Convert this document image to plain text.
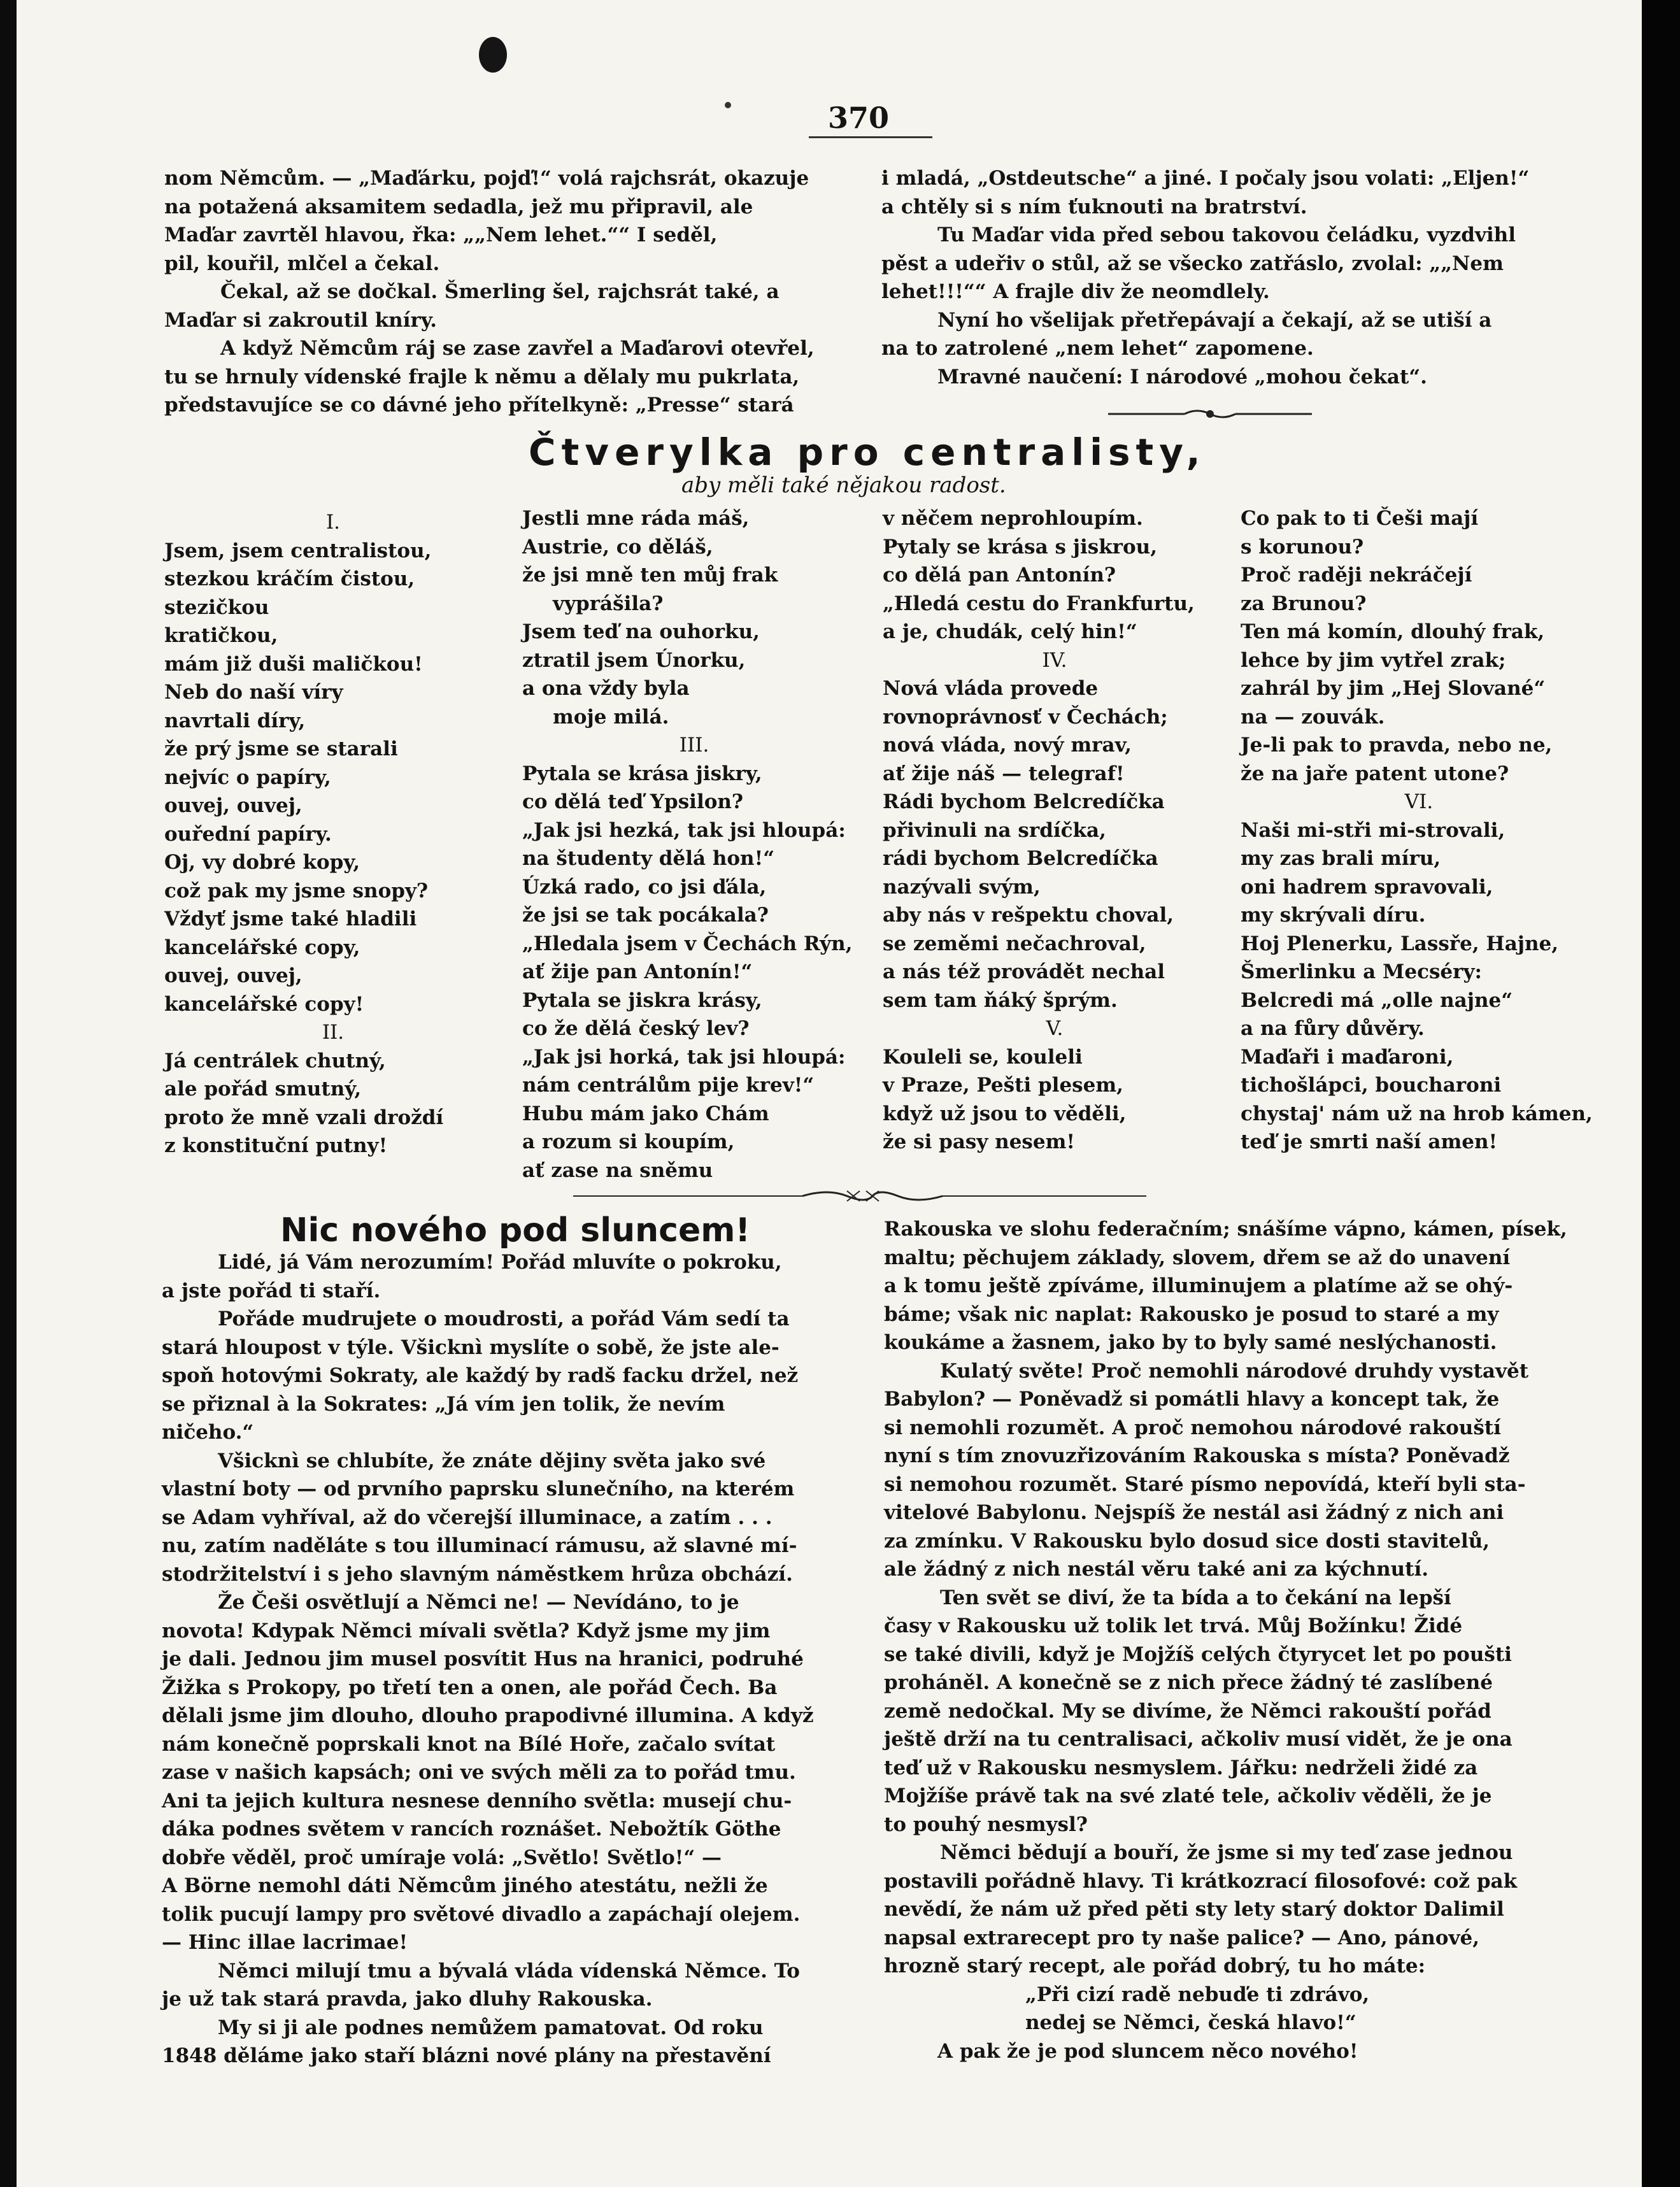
370
nom Němcům. — „Maďárku, pojď!“ volá rajchsrát, okazuje
na potažená aksamitem sedadla, jež mu připravil, ale
Maďar zavrtěl hlavou, řka: „„Nem lehet.““ I seděl,
pil, kouřil, mlčel a čekal.
Čekal, až se dočkal. Šmerling šel, rajchsrát také, a
Maďar si zakroutil kníry.
A když Němcům ráj se zase zavřel a Maďarovi otevřel,
tu se hrnuly vídenské frajle k němu a dělaly mu pukrlata,
představujíce se co dávné jeho přítelkyně: „Presse“ stará
i mladá, „Ostdeutsche“ a jiné. I počaly jsou volati: „Eljen!“
a chtěly si s ním ťuknouti na bratrství.
Tu Maďar vida před sebou takovou čeládku, vyzdvihl
pěst a udeřiv o stůl, až se všecko zatřáslo, zvolal: „„Nem
lehet!!!““ A frajle div že neomdlely.
Nyní ho všelijak přetřepávají a čekají, až se utiší a
na to zatrolené „nem lehet“ zapomene.
Mravné naučení: I národové „mohou čekat“.
Čtverylka pro centralisty,
aby měli také nějakou radost.
I.
Jsem, jsem centralistou,
stezkou kráčím čistou,
stezičkou
kratičkou,
mám již duši maličkou!
Neb do naší víry
navrtali díry,
že prý jsme se starali
nejvíc o papíry,
ouvej, ouvej,
ouřední papíry.
Oj, vy dobré kopy,
což pak my jsme snopy?
Vždyť jsme také hladili
kancelářské copy,
ouvej, ouvej,
kancelářské copy!
II.
Já centrálek chutný,
ale pořád smutný,
proto že mně vzali droždí
z konstituční putny!
Jestli mne ráda máš,
Austrie, co děláš,
že jsi mně ten můj frak
vyprášila?
Jsem teď na ouhorku,
ztratil jsem Únorku,
a ona vždy byla
moje milá.
III.
Pytala se krása jiskry,
co dělá teď Ypsilon?
„Jak jsi hezká, tak jsi hloupá:
na študenty dělá hon!“
Úzká rado, co jsi ďála,
že jsi se tak pocákala?
„Hledala jsem v Čechách Rýn,
ať žije pan Antonín!“
Pytala se jiskra krásy,
co že dělá český lev?
„Jak jsi horká, tak jsi hloupá:
nám centrálům pije krev!“
Hubu mám jako Chám
a rozum si koupím,
ať zase na sněmu
v něčem neprohloupím.
Pytaly se krása s jiskrou,
co dělá pan Antonín?
„Hledá cestu do Frankfurtu,
a je, chudák, celý hin!“
IV.
Nová vláda provede
rovnoprávnosť v Čechách;
nová vláda, nový mrav,
ať žije náš — telegraf!
Rádi bychom Belcredíčka
přivinuli na srdíčka,
rádi bychom Belcredíčka
nazývali svým,
aby nás v rešpektu choval,
se zeměmi nečachroval,
a nás též provádět nechal
sem tam ňáký šprým.
V.
Kouleli se, kouleli
v Praze, Pešti plesem,
když už jsou to věděli,
že si pasy nesem!
Co pak to ti Češi mají
s korunou?
Proč raději nekráčejí
za Brunou?
Ten má komín, dlouhý frak,
lehce by jim vytřel zrak;
zahrál by jim „Hej Slované“
na — zouvák.
Je-li pak to pravda, nebo ne,
že na jaře patent utone?
VI.
Naši mi-stři mi-strovali,
my zas brali míru,
oni hadrem spravovali,
my skrývali díru.
Hoj Plenerku, Lassře, Hajne,
Šmerlinku a Mecséry:
Belcredi má „olle najne“
a na fůry důvěry.
Maďaři i maďaroni,
tichošlápci, boucharoni
chystaj' nám už na hrob kámen,
teď je smrti naší amen!
Nic nového pod sluncem!
Lidé, já Vám nerozumím! Pořád mluvíte o pokroku,
a jste pořád ti staří.
Pořáde mudrujete o moudrosti, a pořád Vám sedí ta
stará hloupost v týle. Všicknì myslíte o sobě, že jste ale-
spoň hotovými Sokraty, ale každý by radš facku držel, než
se přiznal à la Sokrates: „Já vím jen tolik, že nevím
ničeho.“
Všicknì se chlubíte, že znáte dějiny světa jako své
vlastní boty — od prvního paprsku slunečního, na kterém
se Adam vyhříval, až do včerejší illuminace, a zatím . . .
nu, zatím naděláte s tou illuminací rámusu, až slavné mí-
stodržitelství i s jeho slavným náměstkem hrůza obchází.
Že Češi osvětlují a Němci ne! — Nevídáno, to je
novota! Kdypak Němci mívali světla? Když jsme my jim
je dali. Jednou jim musel posvítit Hus na hranici, podruhé
Žižka s Prokopy, po třetí ten a onen, ale pořád Čech. Ba
dělali jsme jim dlouho, dlouho prapodivné illumina. A když
nám konečně poprskali knot na Bílé Hoře, začalo svítat
zase v našich kapsách; oni ve svých měli za to pořád tmu.
Ani ta jejich kultura nesnese denního světla: musejí chu-
dáka podnes světem v rancích roznášet. Nebožtík Göthe
dobře věděl, proč umíraje volá: „Světlo! Světlo!“ —
A Börne nemohl dáti Němcům jiného atestátu, nežli že
tolik pucují lampy pro světové divadlo a zapáchají olejem.
— Hinc illae lacrimae!
Němci milují tmu a bývalá vláda vídenská Němce. To
je už tak stará pravda, jako dluhy Rakouska.
My si ji ale podnes nemůžem pamatovat. Od roku
1848 děláme jako staří blázni nové plány na přestavění
Rakouska ve slohu federačním; snášíme vápno, kámen, písek,
maltu; pěchujem základy, slovem, dřem se až do unavení
a k tomu ještě zpíváme, illuminujem a platíme až se ohý-
báme; však nic naplat: Rakousko je posud to staré a my
koukáme a žasnem, jako by to byly samé neslýchanosti.
Kulatý světe! Proč nemohli národové druhdy vystavět
Babylon? — Poněvadž si pomátli hlavy a koncept tak, že
si nemohli rozumět. A proč nemohou národové rakouští
nyní s tím znovuzřizováním Rakouska s místa? Poněvadž
si nemohou rozumět. Staré písmo nepovídá, kteří byli sta-
vitelové Babylonu. Nejspíš že nestál asi žádný z nich ani
za zmínku. V Rakousku bylo dosud sice dosti stavitelů,
ale žádný z nich nestál věru také ani za kýchnutí.
Ten svět se diví, že ta bída a to čekání na lepší
časy v Rakousku už tolik let trvá. Můj Božínku! Židé
se také divili, když je Mojžíš celých čtyrycet let po poušti
proháněl. A konečně se z nich přece žádný té zaslíbené
země nedočkal. My se divíme, že Němci rakouští pořád
ještě drží na tu centralisaci, ačkoliv musí vidět, že je ona
teď už v Rakousku nesmyslem. Jářku: nedrželi židé za
Mojžíše právě tak na své zlaté tele, ačkoliv věděli, že je
to pouhý nesmysl?
Němci bědují a bouří, že jsme si my teď zase jednou
postavili pořádně hlavy. Ti krátkozrací filosofové: což pak
nevědí, že nám už před pěti sty lety starý doktor Dalimil
napsal extrarecept pro ty naše palice? — Ano, pánové,
hrozně starý recept, ale pořád dobrý, tu ho máte:
„Při cizí radě nebuďe ti zdrávo,
nedej se Němci, česká hlavo!“
A pak že je pod sluncem něco nového!
